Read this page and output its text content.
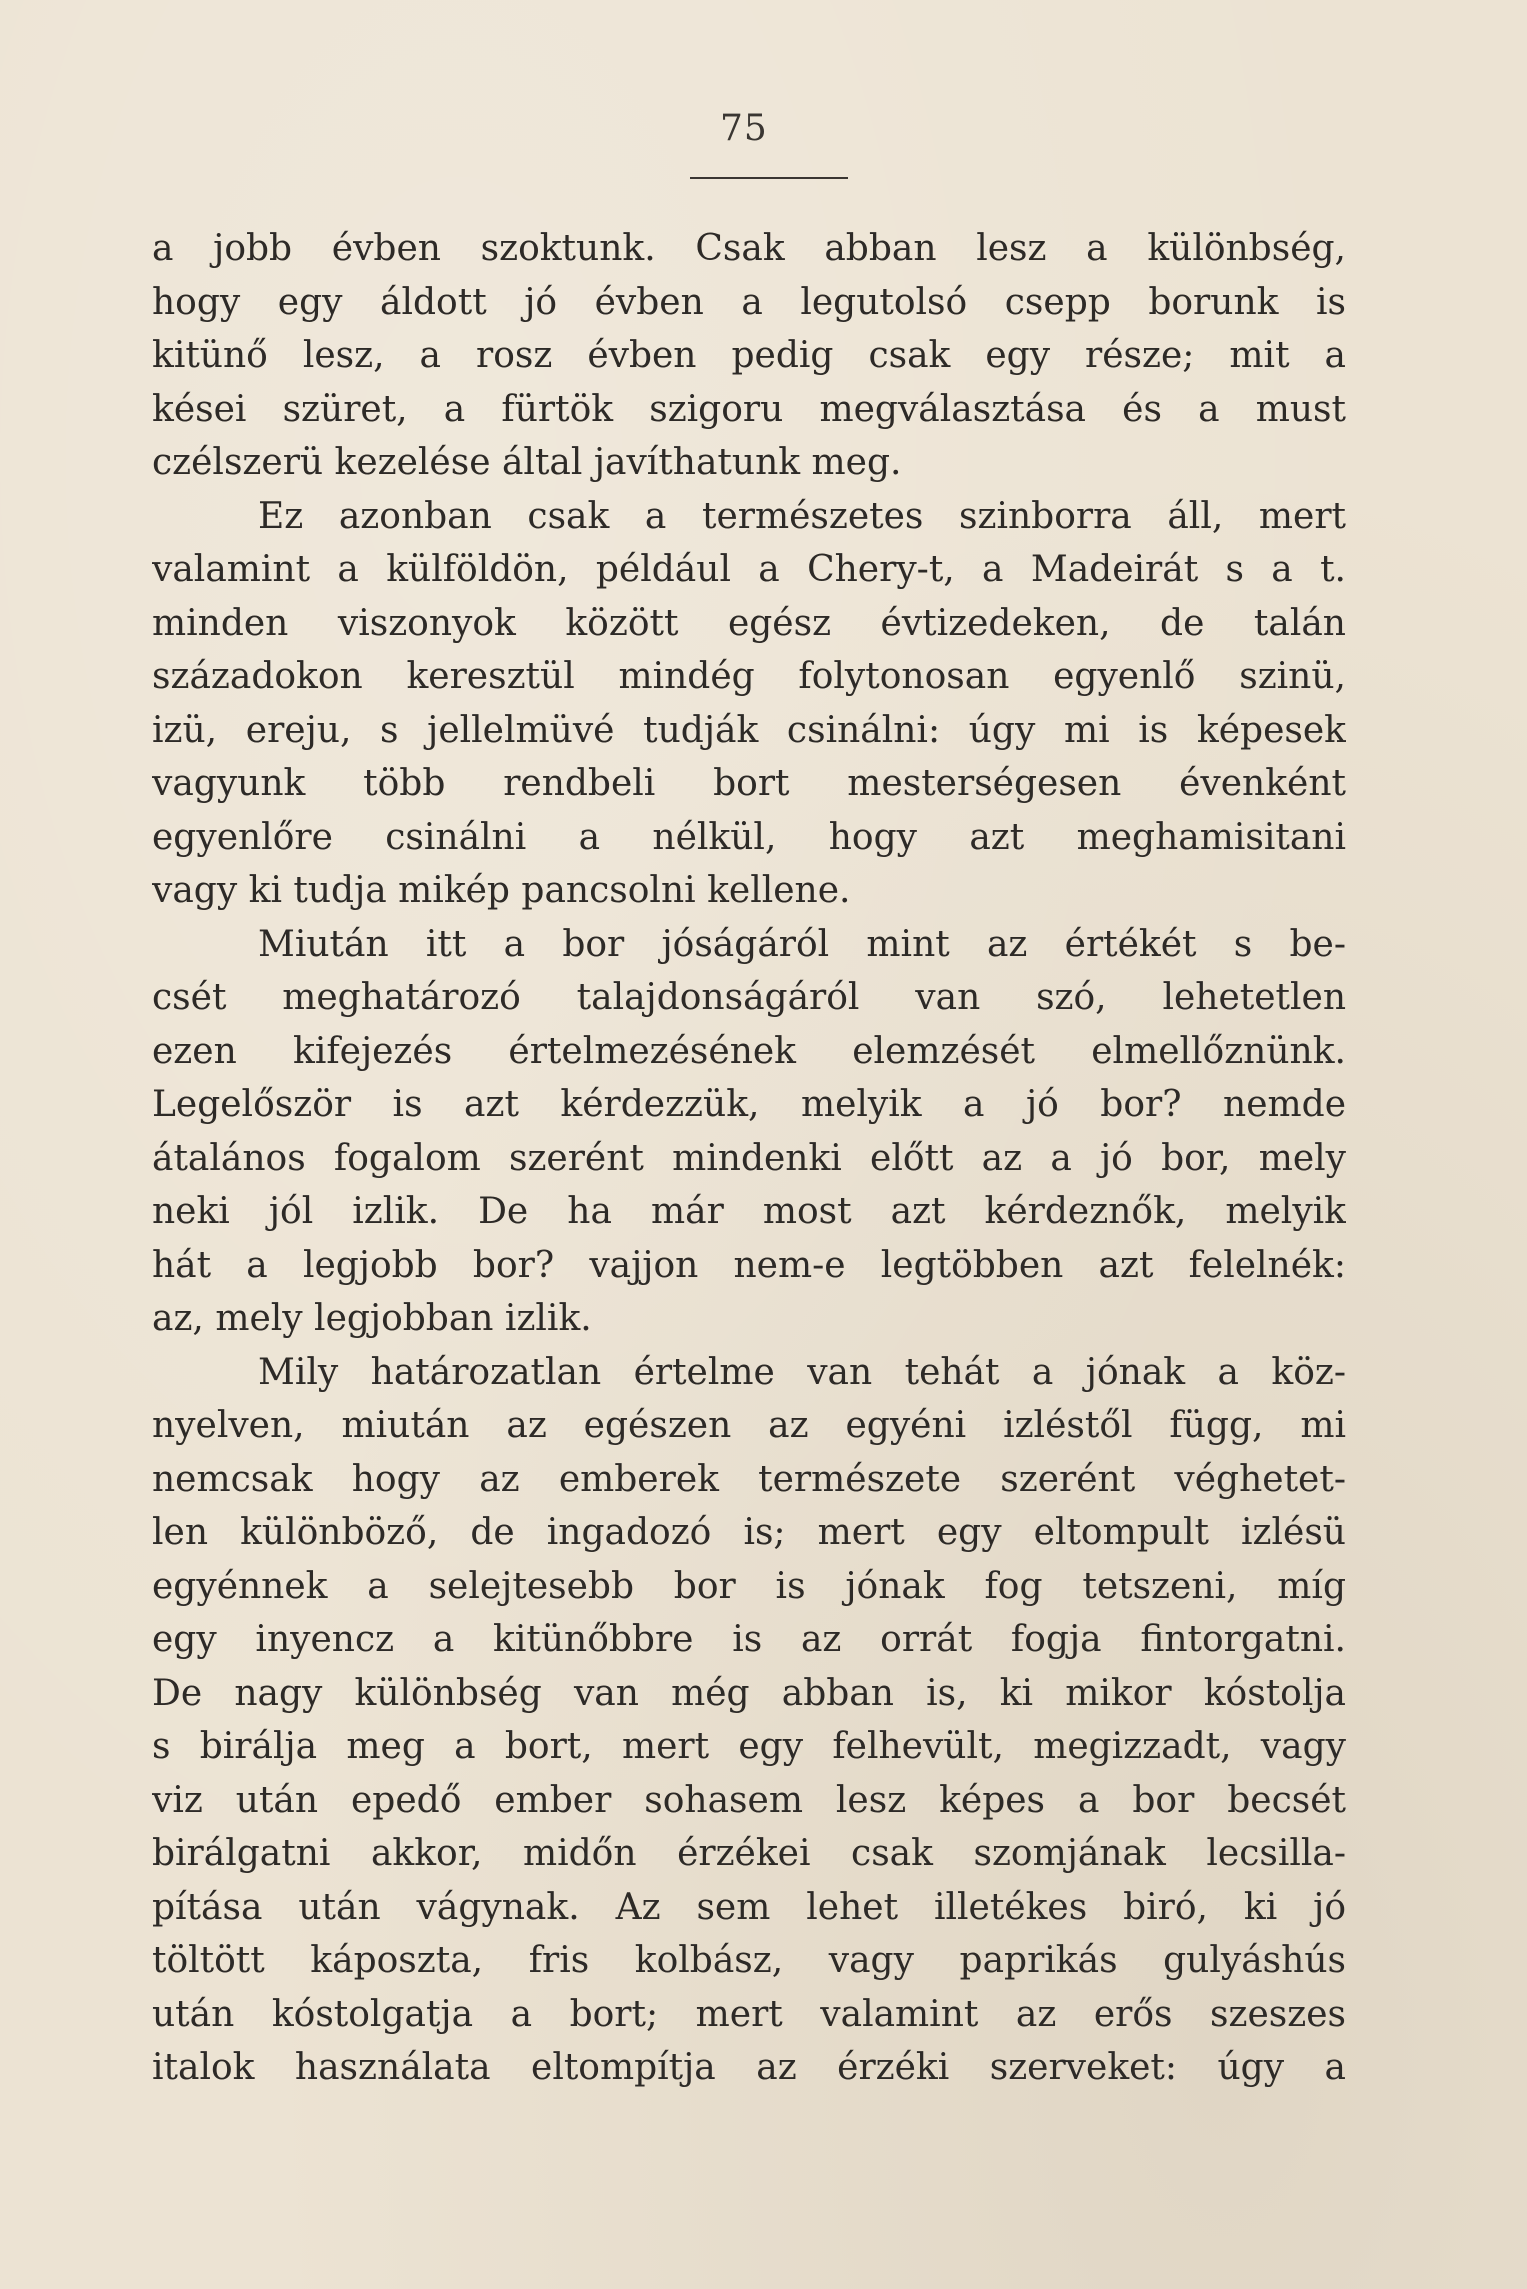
75
a jobb évben szoktunk. Csak abban lesz a különbség,
hogy egy áldott jó évben a legutolsó csepp borunk is
kitünő lesz, a rosz évben pedig csak egy része; mit a
kései szüret, a fürtök szigoru megválasztása és a must
czélszerü kezelése által javíthatunk meg.
Ez azonban csak a természetes szinborra áll, mert
valamint a külföldön, például a Chery-t, a Madeirát s a t.
minden viszonyok között egész évtizedeken, de talán
századokon keresztül mindég folytonosan egyenlő szinü,
izü, ereju, s jellelmüvé tudják csinálni: úgy mi is képesek
vagyunk több rendbeli bort mesterségesen évenként
egyenlőre csinálni a nélkül, hogy azt meghamisitani
vagy ki tudja mikép pancsolni kellene.
Miután itt a bor jóságáról mint az értékét s be-
csét meghatározó talajdonságáról van szó, lehetetlen
ezen kifejezés értelmezésének elemzését elmellőznünk.
Legelőször is azt kérdezzük, melyik a jó bor? nemde
átalános fogalom szerént mindenki előtt az a jó bor, mely
neki jól izlik. De ha már most azt kérdeznők, melyik
hát a legjobb bor? vajjon nem-e legtöbben azt felelnék:
az, mely legjobban izlik.
Mily határozatlan értelme van tehát a jónak a köz-
nyelven, miután az egészen az egyéni izléstől függ, mi
nemcsak hogy az emberek természete szerént véghetet-
len különböző, de ingadozó is; mert egy eltompult izlésü
egyénnek a selejtesebb bor is jónak fog tetszeni, míg
egy inyencz a kitünőbbre is az orrát fogja fintorgatni.
De nagy különbség van még abban is, ki mikor kóstolja
s birálja meg a bort, mert egy felhevült, megizzadt, vagy
viz után epedő ember sohasem lesz képes a bor becsét
birálgatni akkor, midőn érzékei csak szomjának lecsilla-
pítása után vágynak. Az sem lehet illetékes biró, ki jó
töltött káposzta, fris kolbász, vagy paprikás gulyáshús
után kóstolgatja a bort; mert valamint az erős szeszes
italok használata eltompítja az érzéki szerveket: úgy a
